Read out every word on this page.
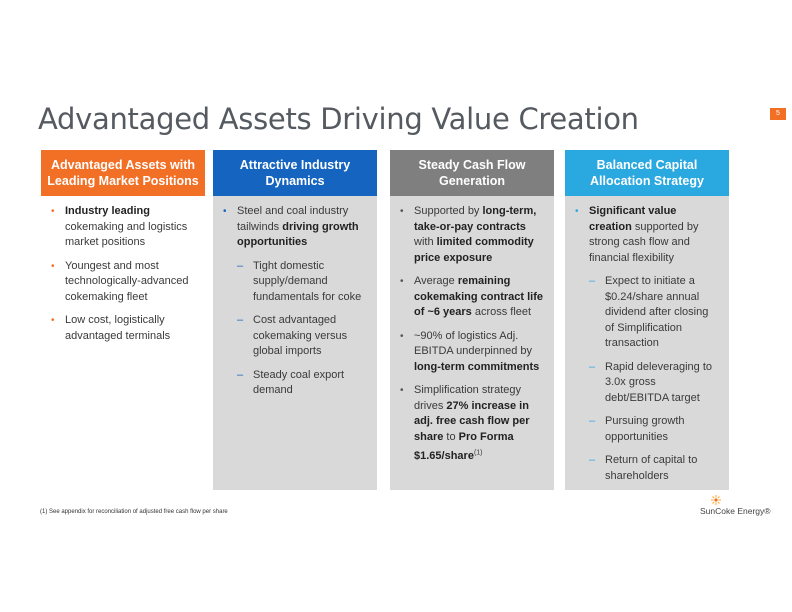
Advantaged Assets Driving Value Creation	5
Advantaged Assets with Leading Market Positions
• Industry leading cokemaking and logistics market positions
• Youngest and most technologically-advanced cokemaking fleet
• Low cost, logistically advantaged terminals
Attractive Industry Dynamics
• Steel and coal industry tailwinds driving growth opportunities
– Tight domestic supply/demand fundamentals for coke
– Cost advantaged cokemaking versus global imports
– Steady coal export demand
Steady Cash Flow Generation
• Supported by long-term, take-or-pay contracts with limited commodity price exposure
• Average remaining cokemaking contract life of ~6 years across fleet
• ~90% of logistics Adj. EBITDA underpinned by long-term commitments
• Simplification strategy drives 27% increase in adj. free cash flow per share to Pro Forma $1.65/share$^{(1)}$
Balanced Capital Allocation Strategy
• Significant value creation supported by strong cash flow and financial flexibility
– Expect to initiate a $0.24/share annual dividend after closing of Simplification transaction
– Rapid deleveraging to 3.0x gross debt/EBITDA target
– Pursuing growth opportunities
– Return of capital to shareholders
(1) See appendix for reconciliation of adjusted free cash flow per share	SunCoke Energy®
